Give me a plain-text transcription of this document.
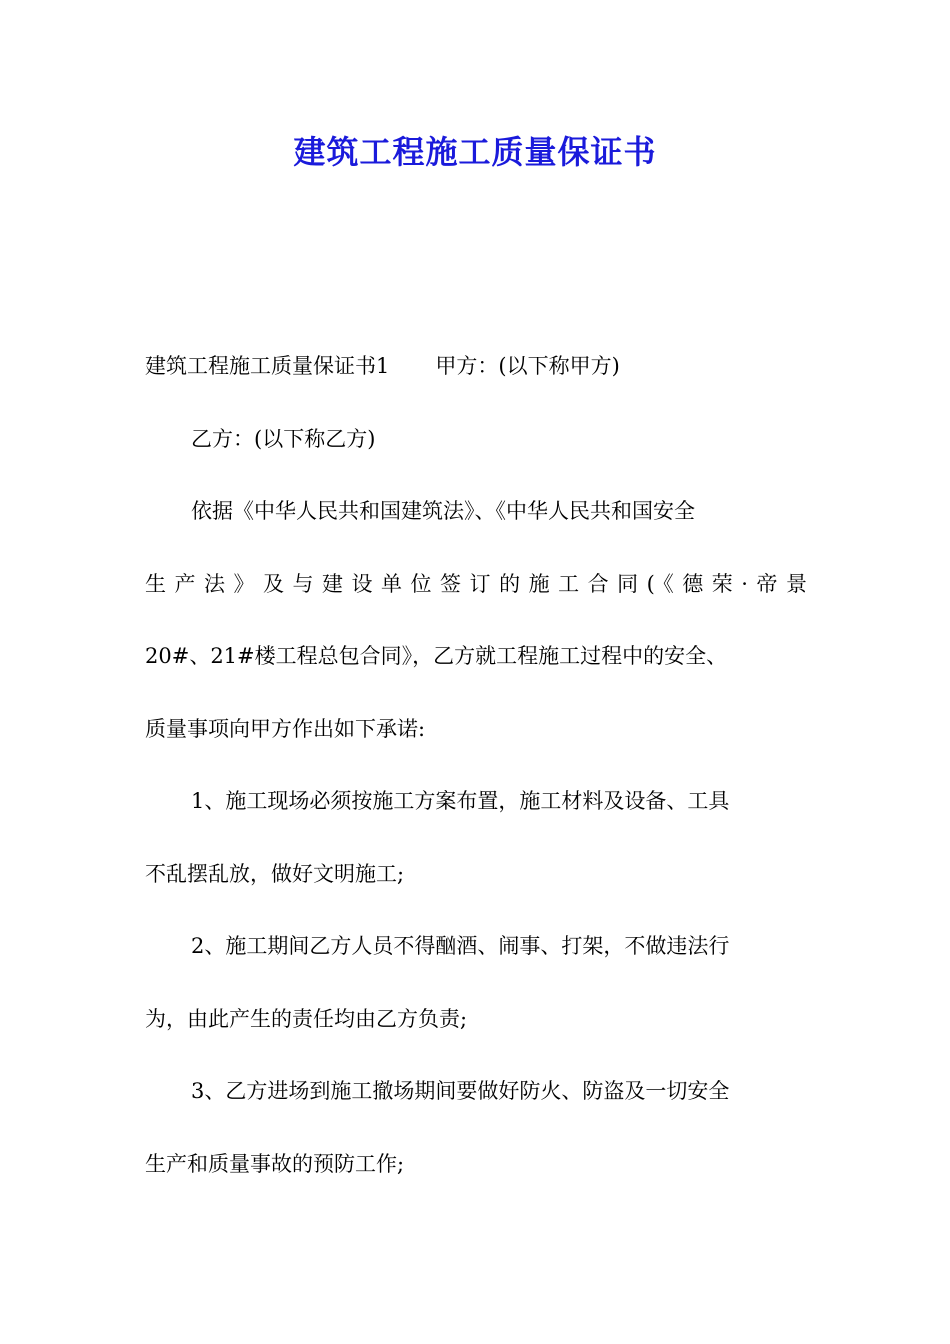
建筑工程施工质量保证书
建筑工程施工质量保证书1 甲方：(以下称甲方)
乙方：(以下称乙方)
依据《中华人民共和国建筑法》、《中华人民共和国安全
生产法》及与建设单位签订的施工合同(《德荣·帝景
20#、21#楼工程总包合同》，乙方就工程施工过程中的安全、
质量事项向甲方作出如下承诺:
1、施工现场必须按施工方案布置，施工材料及设备、工具
不乱摆乱放，做好文明施工;
2、施工期间乙方人员不得酗酒、闹事、打架，不做违法行
为，由此产生的责任均由乙方负责;
3、乙方进场到施工撤场期间要做好防火、防盗及一切安全
生产和质量事故的预防工作;
